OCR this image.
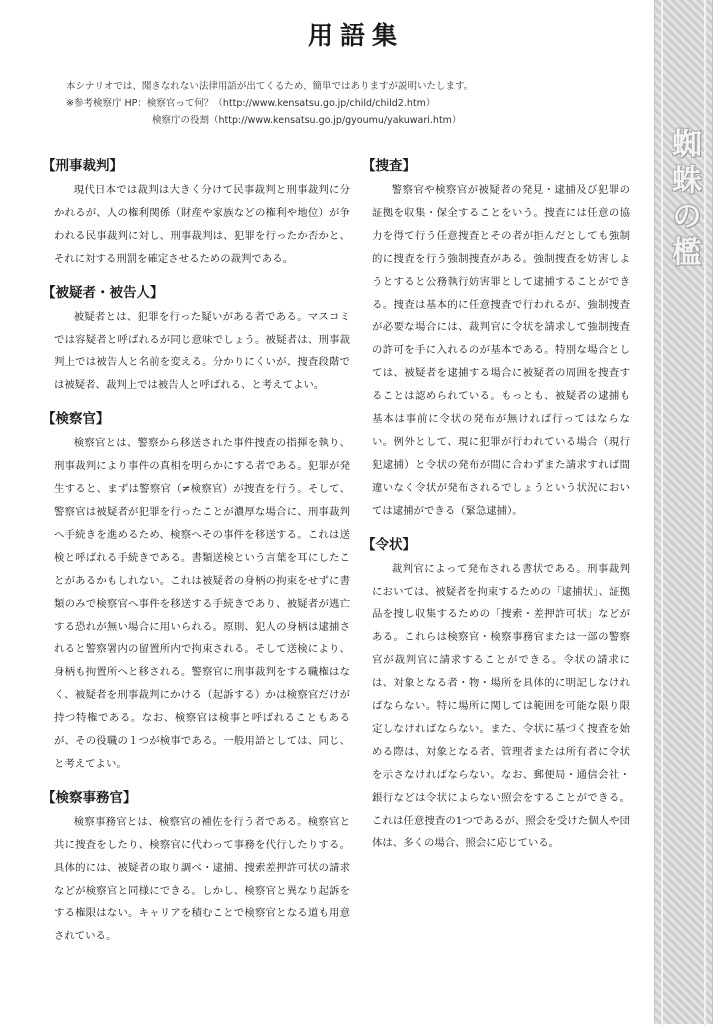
用語集
本シナリオでは、聞きなれない法律用語が出てくるため、簡単ではありますが説明いたします。
※参考検察庁 HP：検察官って何？（http://www.kensatsu.go.jp/child/child2.htm）
検察庁の役割（http://www.kensatsu.go.jp/gyoumu/yakuwari.htm）
【刑事裁判】
現代日本では裁判は大きく分けて民事裁判と刑事裁判に分かれるが、人の権利関係（財産や家族などの権利や地位）が争われる民事裁判に対し、刑事裁判は、犯罪を行ったか否かと、それに対する刑罰を確定させるための裁判である。
【被疑者・被告人】
被疑者とは、犯罪を行った疑いがある者である。マスコミでは容疑者と呼ばれるが同じ意味でしょう。被疑者は、刑事裁判上では被告人と名前を変える。分かりにくいが、捜査段階では被疑者、裁判上では被告人と呼ばれる、と考えてよい。
【検察官】
検察官とは、警察から移送された事件捜査の指揮を執り、刑事裁判により事件の真相を明らかにする者である。犯罪が発生すると、まずは警察官（≠検察官）が捜査を行う。そして、警察官は被疑者が犯罪を行ったことが濃厚な場合に、刑事裁判へ手続きを進めるため、検察へその事件を移送する。これは送検と呼ばれる手続きである。書類送検という言葉を耳にしたことがあるかもしれない。これは被疑者の身柄の拘束をせずに書類のみで検察官へ事件を移送する手続きであり、被疑者が逃亡する恐れが無い場合に用いられる。原則、犯人の身柄は逮捕されると警察署内の留置所内で拘束される。そして送検により、身柄も拘置所へと移される。警察官に刑事裁判をする職権はなく、被疑者を刑事裁判にかける（起訴する）かは検察官だけが持つ特権である。なお、検察官は検事と呼ばれることもあるが、その役職の１つが検事である。一般用語としては、同じ、と考えてよい。
【検察事務官】
検察事務官とは、検察官の補佐を行う者である。検察官と共に捜査をしたり、検察官に代わって事務を代行したりする。具体的には、被疑者の取り調べ・逮捕、捜索差押許可状の請求などが検察官と同様にできる。しかし、検察官と異なり起訴をする権限はない。キャリアを積むことで検察官となる道も用意されている。
【捜査】
警察官や検察官が被疑者の発見・逮捕及び犯罪の証拠を収集・保全することをいう。捜査には任意の協力を得て行う任意捜査とその者が拒んだとしても強制的に捜査を行う強制捜査がある。強制捜査を妨害しようとすると公務執行妨害罪として逮捕することができる。捜査は基本的に任意捜査で行われるが、強制捜査が必要な場合には、裁判官に令状を請求して強制捜査の許可を手に入れるのが基本である。特別な場合としては、被疑者を逮捕する場合に被疑者の周囲を捜査することは認められている。もっとも、被疑者の逮捕も基本は事前に令状の発布が無ければ行ってはならない。例外として、現に犯罪が行われている場合（現行犯逮捕）と令状の発布が間に合わずまた請求すれば間違いなく令状が発布されるでしょうという状況においては逮捕ができる（緊急逮捕）。
【令状】
裁判官によって発布される書状である。刑事裁判においては、被疑者を拘束するための「逮捕状」、証拠品を捜し収集するための「捜索・差押許可状」などがある。これらは検察官・検察事務官または一部の警察官が裁判官に請求することができる。令状の請求には、対象となる者・物・場所を具体的に明記しなければならない。特に場所に関しては範囲を可能な限り限定しなければならない。また、令状に基づく捜査を始める際は、対象となる者、管理者または所有者に令状を示さなければならない。なお、郵便局・通信会社・銀行などは令状によらない照会をすることができる。これは任意捜査の1つであるが、照会を受けた個人や団体は、多くの場合、照会に応じている。
蜘蛛の檻
